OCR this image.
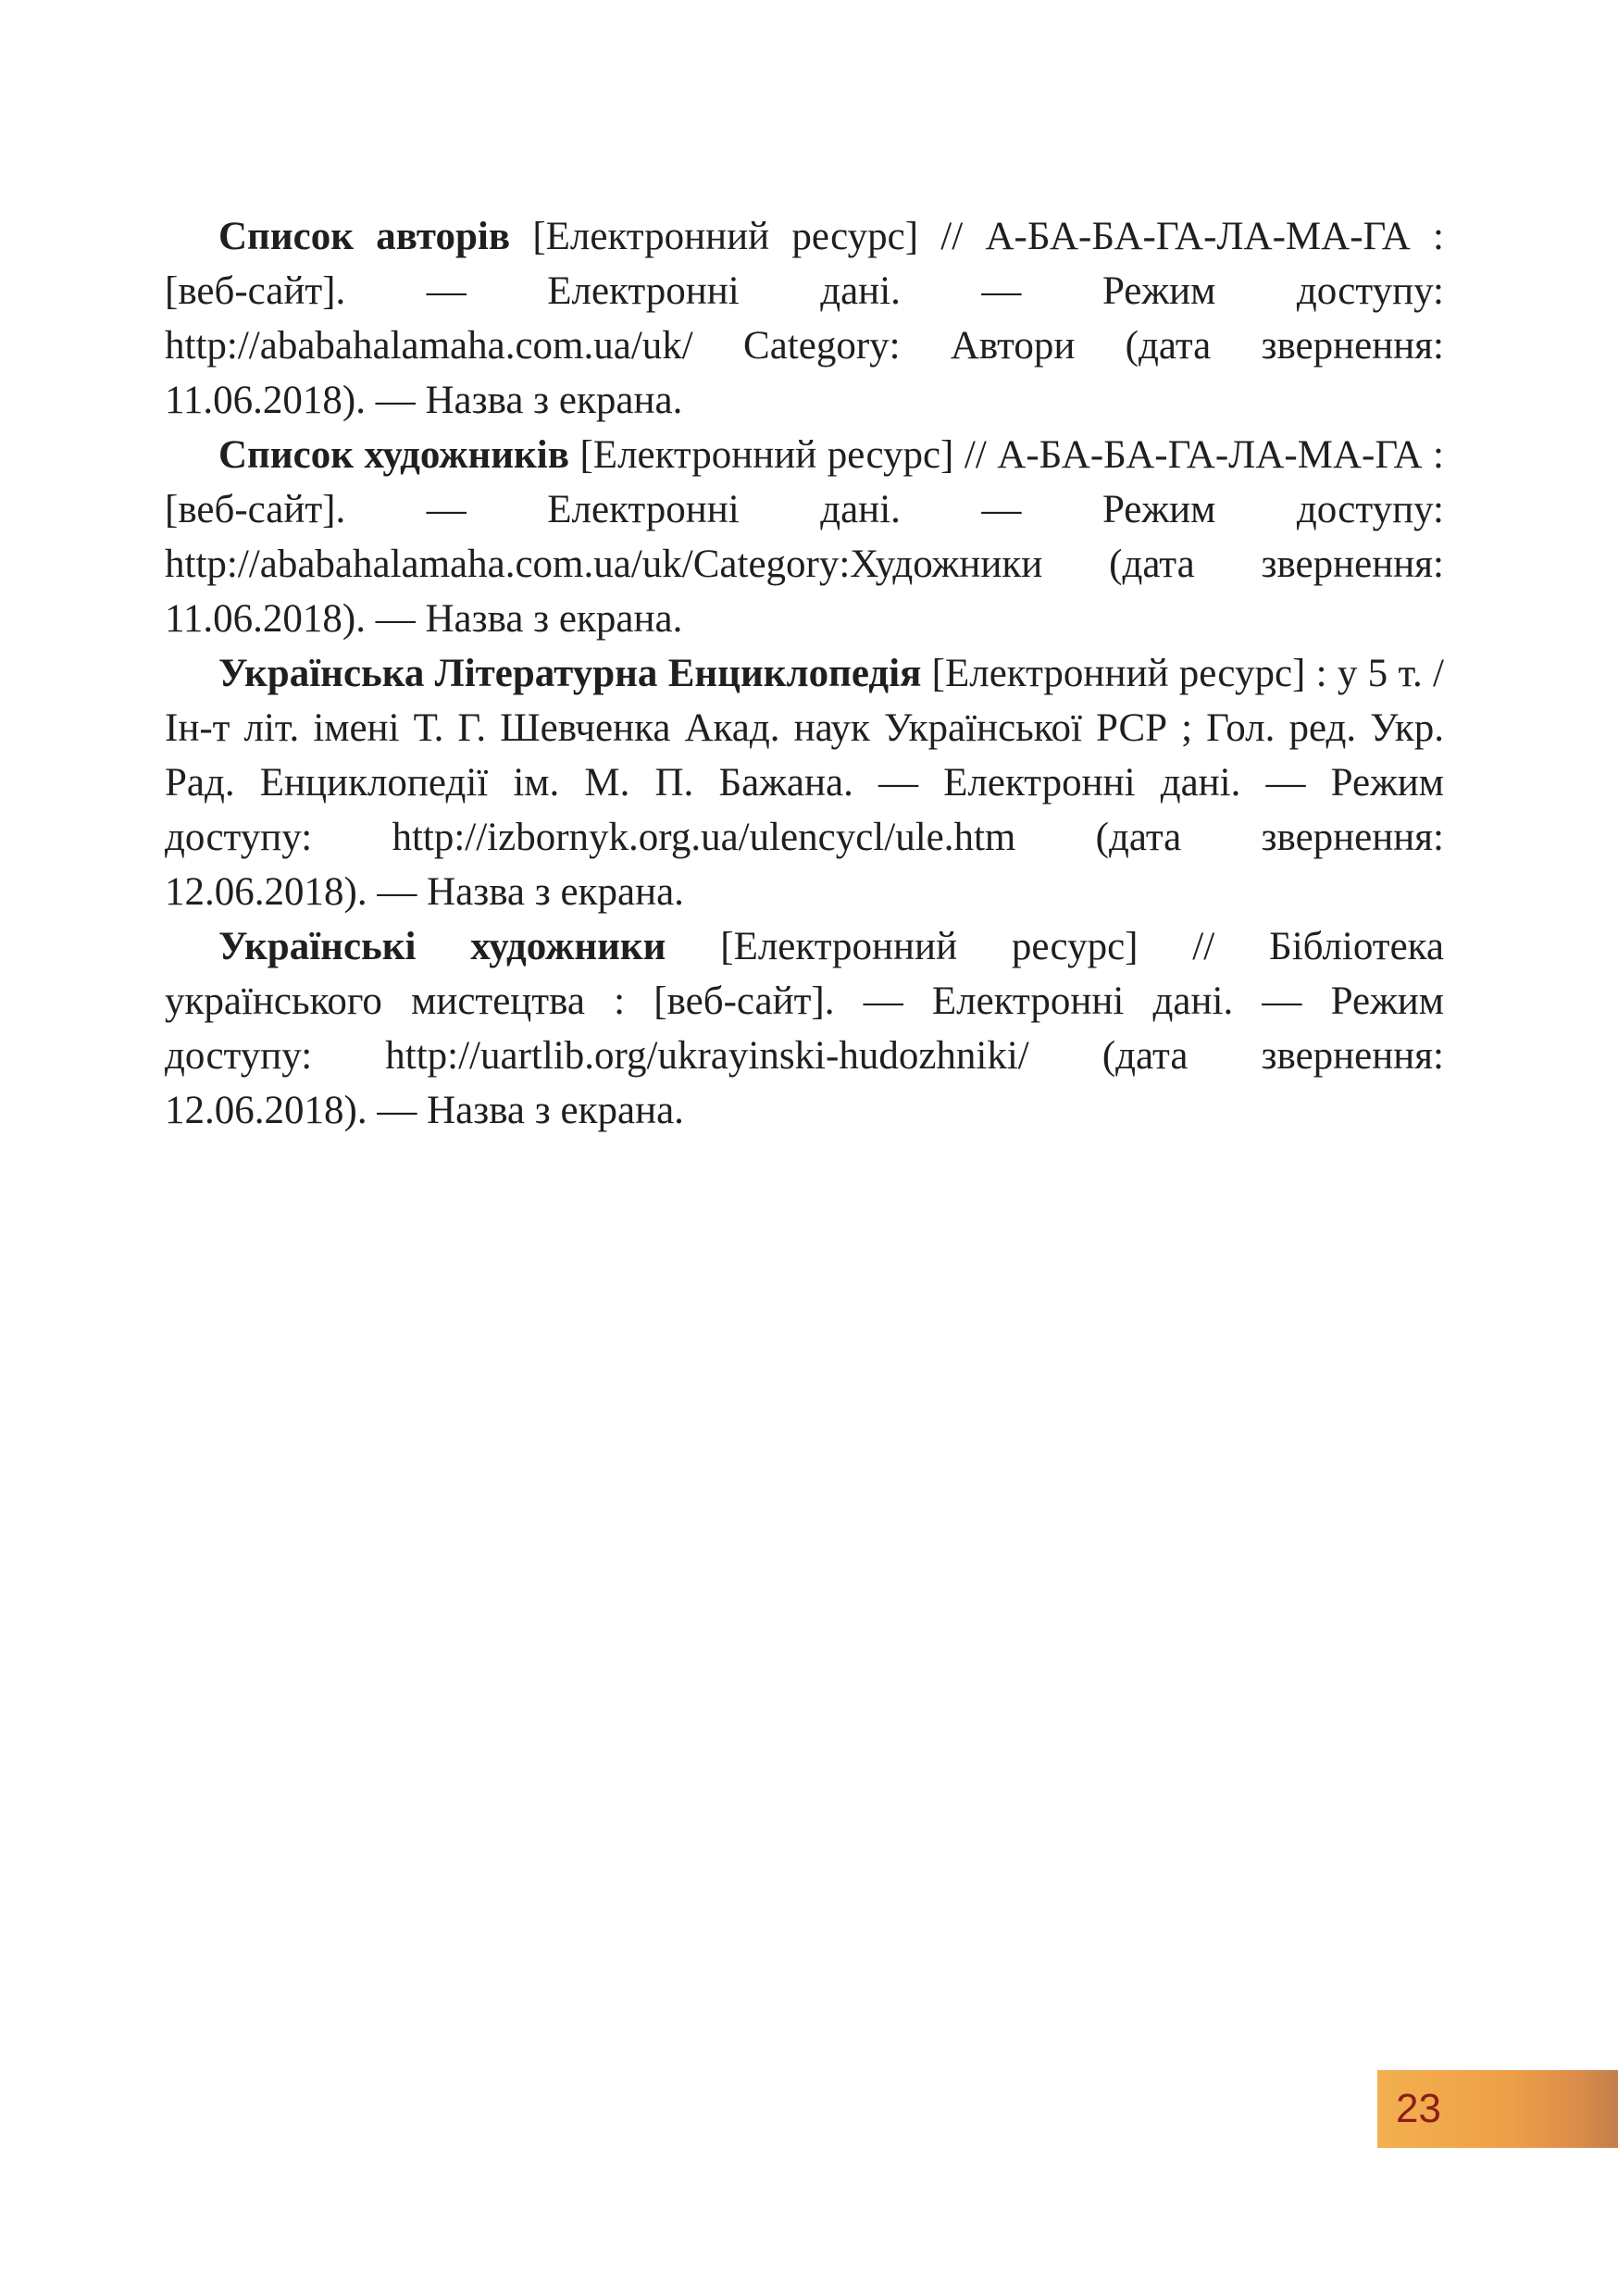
Список авторів [Електронний ресурс] // А-БА-БА-ГА-ЛА-МА-ГА : [веб-сайт]. — Електронні дані. — Режим доступу: http://ababahalamaha.com.ua/uk/ Category: Автори (дата звернення: 11.06.2018). — Назва з екрана.

Список художників [Електронний ресурс] // А-БА-БА-ГА-ЛА-МА-ГА : [веб-сайт]. — Електронні дані. — Режим доступу: http://ababahalamaha.com.ua/uk/Category:Художники (дата звернення: 11.06.2018). — Назва з екрана.

Українська Літературна Енциклопедія [Електронний ресурс] : у 5 т. / Ін-т літ. імені Т. Г. Шевченка Акад. наук Української РСР ; Гол. ред. Укр. Рад. Енциклопедії ім. М. П. Бажана. — Електронні дані. — Режим доступу: http://izbornyk.org.ua/ulencycl/ule.htm (дата звернення: 12.06.2018). — Назва з екрана.

Українські художники [Електронний ресурс] // Бібліотека українського мистецтва : [веб-сайт]. — Електронні дані. — Режим доступу: http://uartlib.org/ukrayinski-hudozhniki/ (дата звернення: 12.06.2018). — Назва з екрана.

23
